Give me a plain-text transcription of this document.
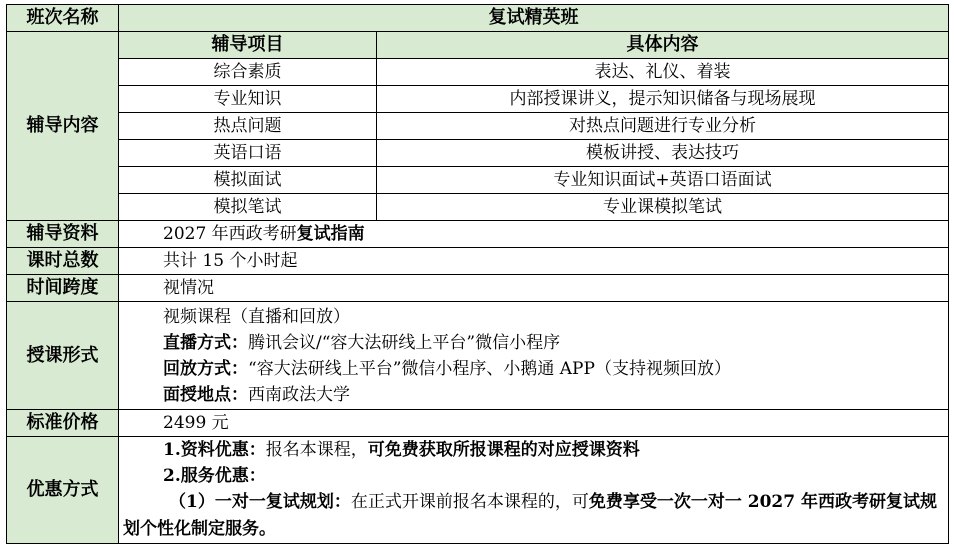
班次名称	复试精英班	
辅导内容	辅导项目	具体内容
	综合素质	表达、礼仪、着装
	专业知识	内部授课讲义，提示知识储备与现场展现
	热点问题	对热点问题进行专业分析
	英语口语	模板讲授、表达技巧
	模拟面试	专业知识面试+英语口语面试
	模拟笔试	专业课模拟笔试
辅导资料	2027 年西政考研复试指南	
课时总数	共计 15 个小时起	
时间跨度	视情况	
授课形式	视频课程（直播和回放）
直播方式：腾讯会议/“容大法研线上平台”微信小程序
回放方式：“容大法研线上平台”微信小程序、小鹅通 APP（支持视频回放）
面授地点：西南政法大学	

标准价格	2499 元	
优惠方式	1.资料优惠：报名本课程，可免费获取所报课程的对应授课资料
2.服务优惠：
（1）一对一复试规划：在正式开课前报名本课程的，可免费享受一次一对一 2027 年西政考研复试规划个性化制定服务。	
